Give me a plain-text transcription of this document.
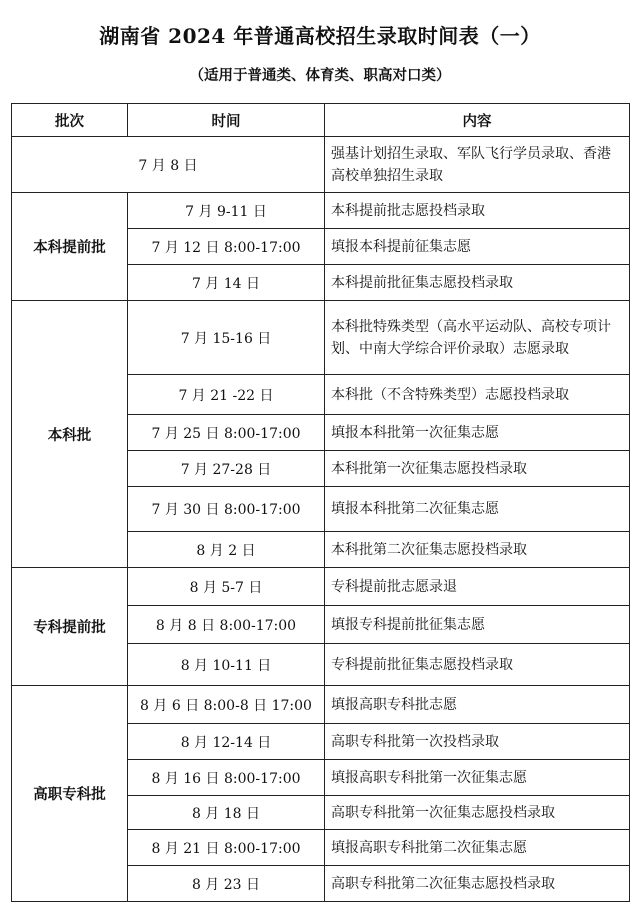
湖南省 2024 年普通高校招生录取时间表（一）
（适用于普通类、体育类、职高对口类）
批次	时间	内容
7 月 8 日		强基计划招生录取、军队飞行学员录取、香港高校单独招生录取
本科提前批	7 月 9-11 日	本科提前批志愿投档录取
	7 月 12 日 8:00-17:00	填报本科提前征集志愿
	7 月 14 日	本科提前批征集志愿投档录取
本科批	7 月 15-16 日	本科批特殊类型（高水平运动队、高校专项计划、中南大学综合评价录取）志愿录取
	7 月 21 -22 日	本科批（不含特殊类型）志愿投档录取
	7 月 25 日 8:00-17:00	填报本科批第一次征集志愿
	7 月 27-28 日	本科批第一次征集志愿投档录取
	7 月 30 日 8:00-17:00	填报本科批第二次征集志愿
	8 月 2 日	本科批第二次征集志愿投档录取
专科提前批	8 月 5-7 日	专科提前批志愿录退
	8 月 8 日 8:00-17:00	填报专科提前批征集志愿
	8 月 10-11 日	专科提前批征集志愿投档录取
高职专科批	8 月 6 日 8:00-8 日 17:00	填报高职专科批志愿
	8 月 12-14 日	高职专科批第一次投档录取
	8 月 16 日 8:00-17:00	填报高职专科批第一次征集志愿
	8 月 18 日	高职专科批第一次征集志愿投档录取
	8 月 21 日 8:00-17:00	填报高职专科批第二次征集志愿
	8 月 23 日	高职专科批第二次征集志愿投档录取
